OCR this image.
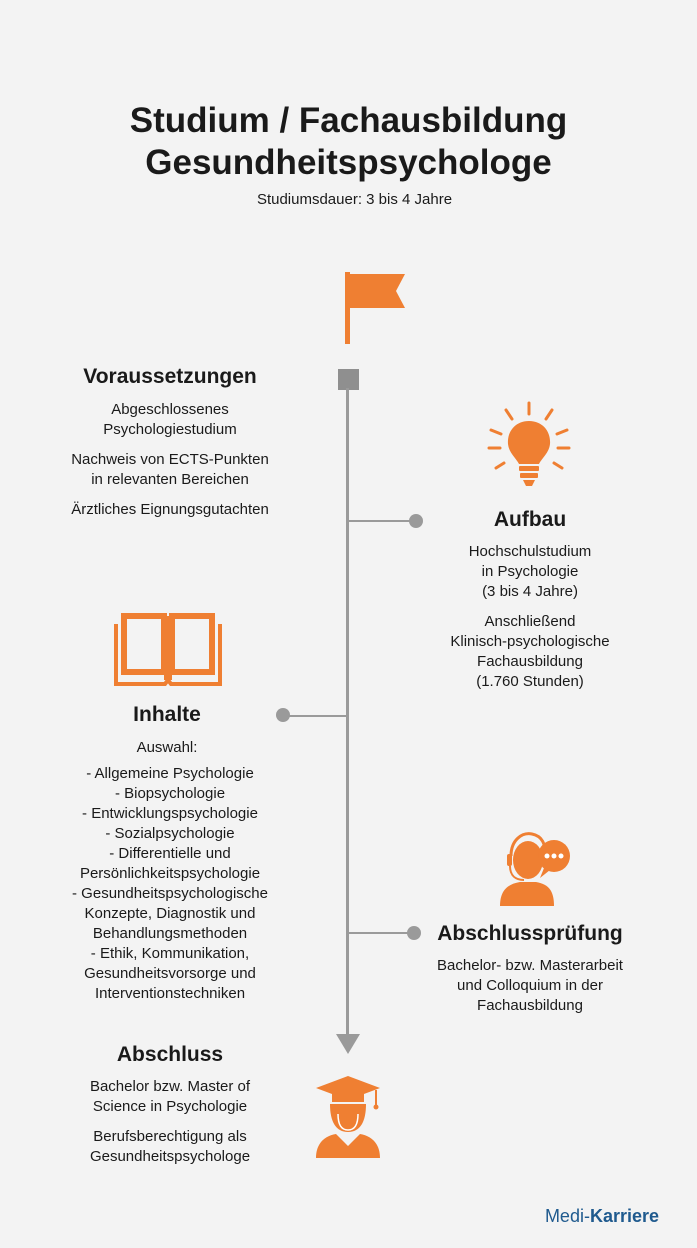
Studium / Fachausbildung
Gesundheitspsychologe
Studiumsdauer: 3 bis 4 Jahre
Voraussetzungen

Abgeschlossenes
Psychologiestudium

Nachweis von ECTS-Punkten
in relevanten Bereichen

Ärztliches Eignungsgutachten	Aufbau

Hochschulstudium
in Psychologie
(3 bis 4 Jahre)

Anschließend
Klinisch-psychologische
Fachausbildung
(1.760 Stunden)

Inhalte
Auswahl:
- Allgemeine Psychologie
- Biopsychologie
- Entwicklungspsychologie
- Sozialpsychologie
- Differentielle und
Persönlichkeitspsychologie
- Gesundheitspsychologische
Konzepte, Diagnostik und
Behandlungsmethoden
- Ethik, Kommunikation,
Gesundheitsvorsorge und
Interventionstechniken
Abschlussprüfung
Bachelor- bzw. Masterarbeit
und Colloquium in der
Fachausbildung
Abschluss

Bachelor bzw. Master of
Science in Psychologie

Berufsberechtigung als
Gesundheitspsychologe

Medi-Karriere
